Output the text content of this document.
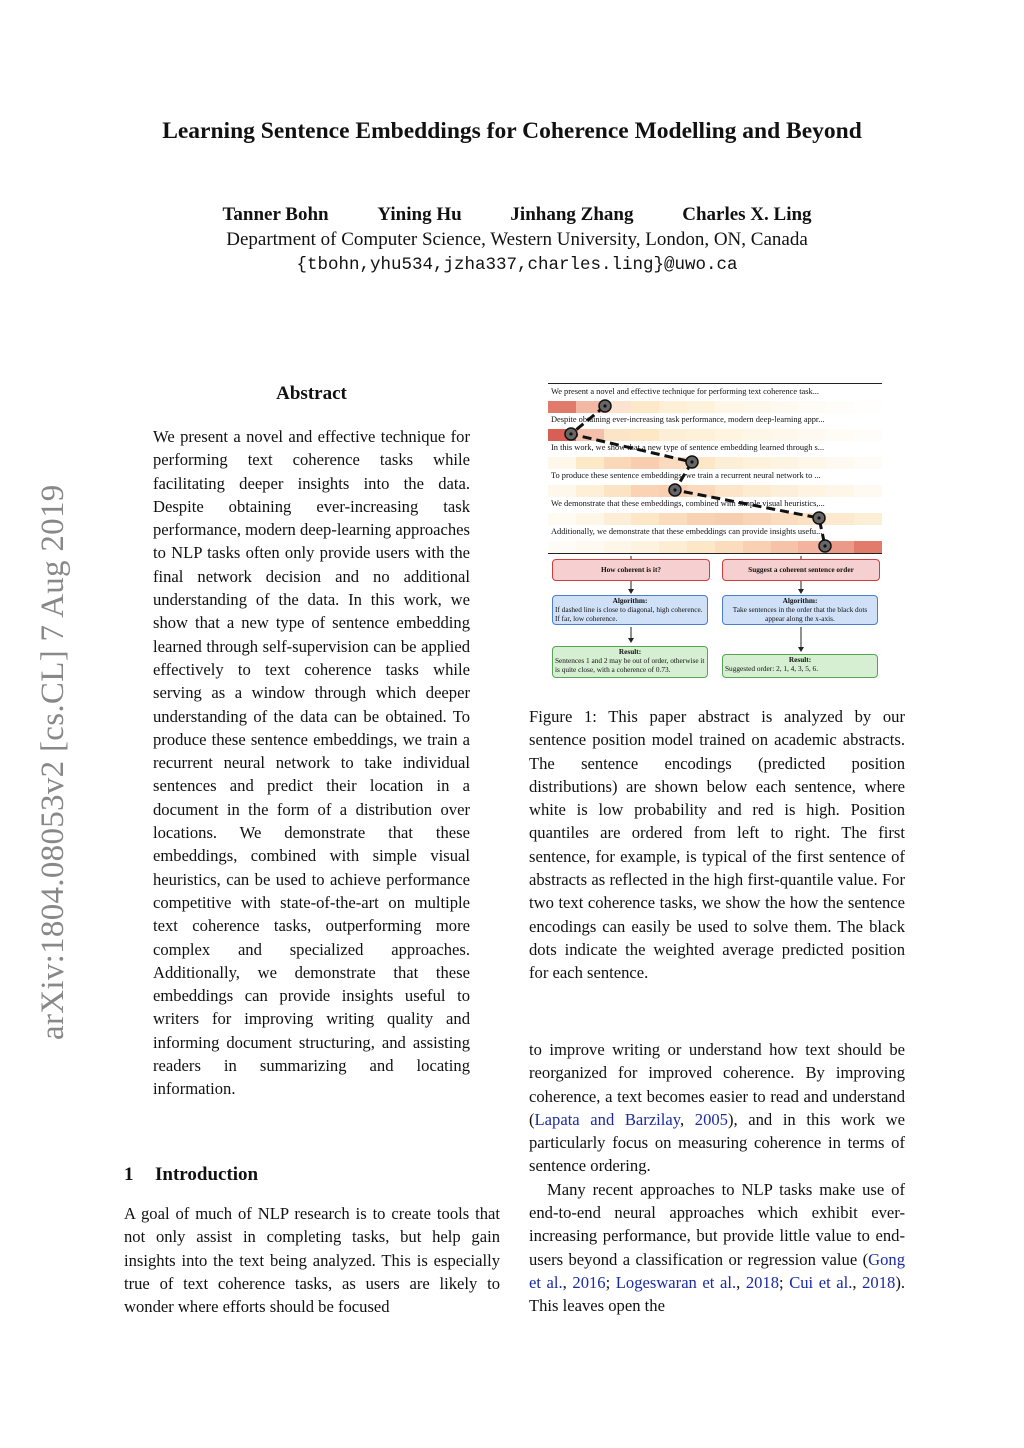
Learning Sentence Embeddings for Coherence Modelling and Beyond
Tanner Bohn	Yining Hu	Jinhang Zhang	Charles X. Ling
Department of Computer Science, Western University, London, ON, Canada
{tbohn,yhu534,jzha337,charles.ling}@uwo.ca
arXiv:1804.08053v2 [cs.CL] 7 Aug 2019
Abstract
We present a novel and effective technique for performing text coherence tasks while facilitating deeper insights into the data. Despite obtaining ever-increasing task performance, modern deep-learning approaches to NLP tasks often only provide users with the final network decision and no additional understanding of the data. In this work, we show that a new type of sentence embedding learned through self-supervision can be applied effectively to text coherence tasks while serving as a window through which deeper understanding of the data can be obtained. To produce these sentence embeddings, we train a recurrent neural network to take individual sentences and predict their location in a document in the form of a distribution over locations. We demonstrate that these embeddings, combined with simple visual heuristics, can be used to achieve performance competitive with state-of-the-art on multiple text coherence tasks, outperforming more complex and specialized approaches. Additionally, we demonstrate that these embeddings can provide insights useful to writers for improving writing quality and informing document structuring, and assisting readers in summarizing and locating information.
1 Introduction
A goal of much of NLP research is to create tools that not only assist in completing tasks, but help gain insights into the text being analyzed. This is especially true of text coherence tasks, as users are likely to wonder where efforts should be focused
We present a novel and effective technique for performing text coherence task...
Despite obtaining ever-increasing task performance, modern deep-learning appr...
In this work, we show that a new type of sentence embedding learned through s...
To produce these sentence embeddings, we train a recurrent neural network to ...
We demonstrate that these embeddings, combined with simple visual heuristics,...
Additionally, we demonstrate that these embeddings can provide insights usefu...
How coherent is it?	Suggest a coherent sentence order
Algorithm:
If dashed line is close to diagonal, high coherence. If far, low coherence.
Algorithm:
Take sentences in the order that the black dots appear along the x-axis.
Result:
Sentences 1 and 2 may be out of order, otherwise it is quite close, with a coherence of 0.73.
Result:
Suggested order: 2, 1, 4, 3, 5, 6.
Figure 1: This paper abstract is analyzed by our sentence position model trained on academic abstracts. The sentence encodings (predicted position distributions) are shown below each sentence, where white is low probability and red is high. Position quantiles are ordered from left to right. The first sentence, for example, is typical of the first sentence of abstracts as reflected in the high first-quantile value. For two text coherence tasks, we show the how the sentence encodings can easily be used to solve them. The black dots indicate the weighted average predicted position for each sentence.

to improve writing or understand how text should be reorganized for improved coherence. By improving coherence, a text becomes easier to read and understand (Lapata and Barzilay, 2005), and in this work we particularly focus on measuring coherence in terms of sentence ordering.

Many recent approaches to NLP tasks make use of end-to-end neural approaches which exhibit ever-increasing performance, but provide little value to end-users beyond a classification or regression value (Gong et al., 2016; Logeswaran et al., 2018; Cui et al., 2018). This leaves open the
